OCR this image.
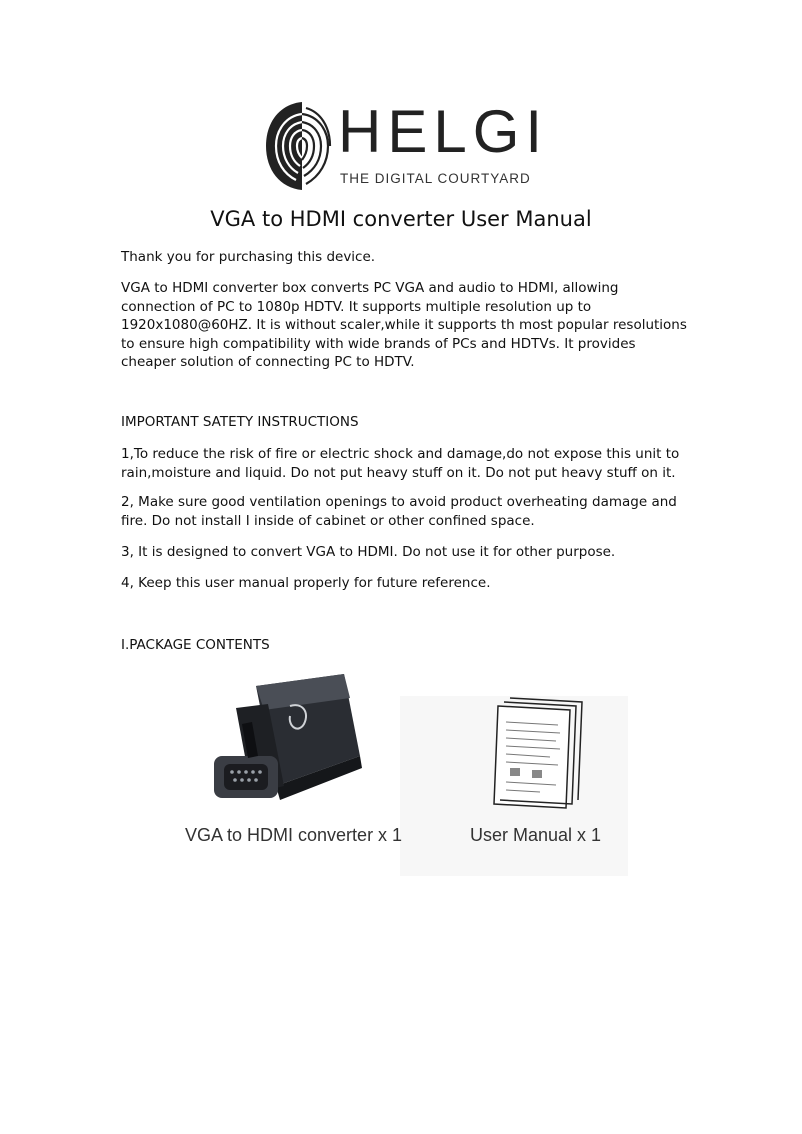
HELGI
THE DIGITAL COURTYARD
VGA to HDMI converter User Manual

Thank you for purchasing this device.

VGA to HDMI converter box converts PC VGA and audio to HDMI, allowing connection of PC to 1080p HDTV. It supports multiple resolution up to 1920x1080@60HZ. It is without scaler,while it supports th most popular resolutions to ensure high compatibility with wide brands of PCs and HDTVs. It provides cheaper solution of connecting PC to HDTV.

IMPORTANT SATETY INSTRUCTIONS

1,To reduce the risk of fire or electric shock and damage,do not expose this unit to rain,moisture and liquid. Do not put heavy stuff on it. Do not put heavy stuff on it.

2, Make sure good ventilation openings to avoid product overheating damage and fire. Do not install I inside of cabinet or other confined space.

3, It is designed to convert VGA to HDMI. Do not use it for other purpose.

4, Keep this user manual properly for future reference.

I.PACKAGE CONTENTS

VGA to HDMI converter x 1	User Manual x 1
